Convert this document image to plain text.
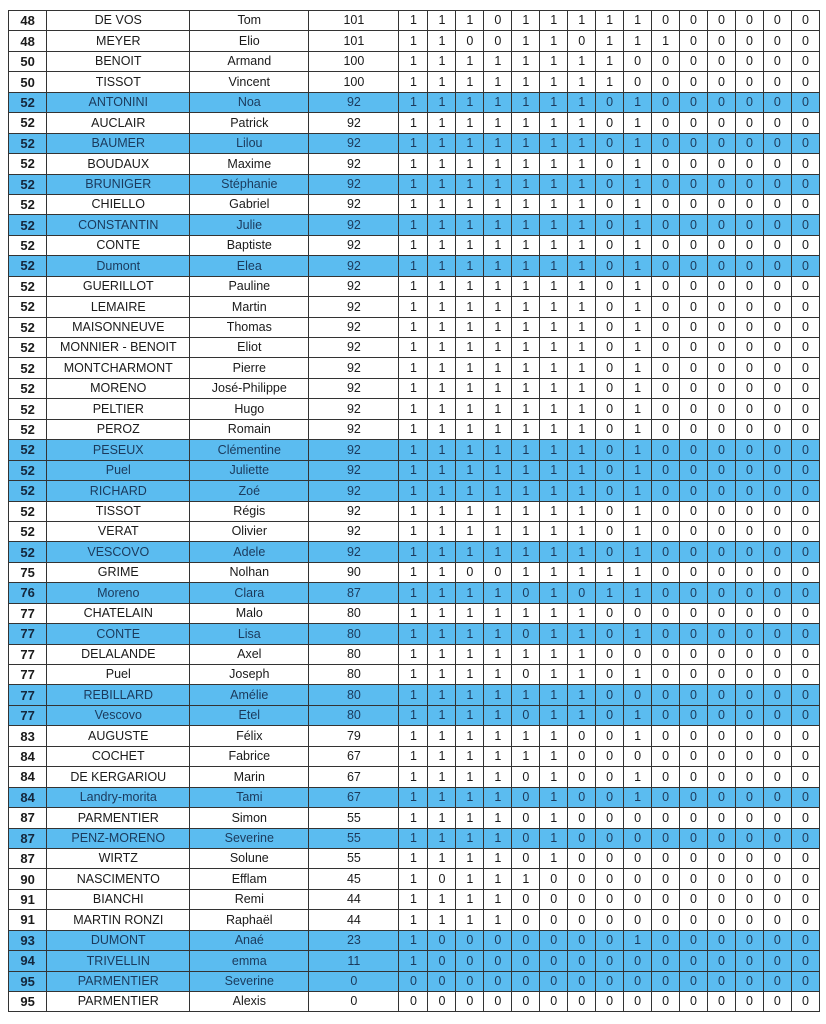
48	DE VOS	Tom	101	1	1	1	0	1	1	1	1	1	0	0	0	0	0	0
48	MEYER	Elio	101	1	1	0	0	1	1	0	1	1	1	0	0	0	0	0
50	BENOIT	Armand	100	1	1	1	1	1	1	1	1	0	0	0	0	0	0	0
50	TISSOT	Vincent	100	1	1	1	1	1	1	1	1	0	0	0	0	0	0	0
52	ANTONINI	Noa	92	1	1	1	1	1	1	1	0	1	0	0	0	0	0	0
52	AUCLAIR	Patrick	92	1	1	1	1	1	1	1	0	1	0	0	0	0	0	0
52	BAUMER	Lilou	92	1	1	1	1	1	1	1	0	1	0	0	0	0	0	0
52	BOUDAUX	Maxime	92	1	1	1	1	1	1	1	0	1	0	0	0	0	0	0
52	BRUNIGER	Stéphanie	92	1	1	1	1	1	1	1	0	1	0	0	0	0	0	0
52	CHIELLO	Gabriel	92	1	1	1	1	1	1	1	0	1	0	0	0	0	0	0
52	CONSTANTIN	Julie	92	1	1	1	1	1	1	1	0	1	0	0	0	0	0	0
52	CONTE	Baptiste	92	1	1	1	1	1	1	1	0	1	0	0	0	0	0	0
52	Dumont	Elea	92	1	1	1	1	1	1	1	0	1	0	0	0	0	0	0
52	GUERILLOT	Pauline	92	1	1	1	1	1	1	1	0	1	0	0	0	0	0	0
52	LEMAIRE	Martin	92	1	1	1	1	1	1	1	0	1	0	0	0	0	0	0
52	MAISONNEUVE	Thomas	92	1	1	1	1	1	1	1	0	1	0	0	0	0	0	0
52	MONNIER - BENOIT	Eliot	92	1	1	1	1	1	1	1	0	1	0	0	0	0	0	0
52	MONTCHARMONT	Pierre	92	1	1	1	1	1	1	1	0	1	0	0	0	0	0	0
52	MORENO	José-Philippe	92	1	1	1	1	1	1	1	0	1	0	0	0	0	0	0
52	PELTIER	Hugo	92	1	1	1	1	1	1	1	0	1	0	0	0	0	0	0
52	PEROZ	Romain	92	1	1	1	1	1	1	1	0	1	0	0	0	0	0	0
52	PESEUX	Clémentine	92	1	1	1	1	1	1	1	0	1	0	0	0	0	0	0
52	Puel	Juliette	92	1	1	1	1	1	1	1	0	1	0	0	0	0	0	0
52	RICHARD	Zoé	92	1	1	1	1	1	1	1	0	1	0	0	0	0	0	0
52	TISSOT	Régis	92	1	1	1	1	1	1	1	0	1	0	0	0	0	0	0
52	VERAT	Olivier	92	1	1	1	1	1	1	1	0	1	0	0	0	0	0	0
52	VESCOVO	Adele	92	1	1	1	1	1	1	1	0	1	0	0	0	0	0	0
75	GRIME	Nolhan	90	1	1	0	0	1	1	1	1	1	0	0	0	0	0	0
76	Moreno	Clara	87	1	1	1	1	0	1	0	1	1	0	0	0	0	0	0
77	CHATELAIN	Malo	80	1	1	1	1	1	1	1	0	0	0	0	0	0	0	0
77	CONTE	Lisa	80	1	1	1	1	0	1	1	0	1	0	0	0	0	0	0
77	DELALANDE	Axel	80	1	1	1	1	1	1	1	0	0	0	0	0	0	0	0
77	Puel	Joseph	80	1	1	1	1	0	1	1	0	1	0	0	0	0	0	0
77	REBILLARD	Amélie	80	1	1	1	1	1	1	1	0	0	0	0	0	0	0	0
77	Vescovo	Etel	80	1	1	1	1	0	1	1	0	1	0	0	0	0	0	0
83	AUGUSTE	Félix	79	1	1	1	1	1	1	0	0	1	0	0	0	0	0	0
84	COCHET	Fabrice	67	1	1	1	1	1	1	0	0	0	0	0	0	0	0	0
84	DE KERGARIOU	Marin	67	1	1	1	1	0	1	0	0	1	0	0	0	0	0	0
84	Landry-morita	Tami	67	1	1	1	1	0	1	0	0	1	0	0	0	0	0	0
87	PARMENTIER	Simon	55	1	1	1	1	0	1	0	0	0	0	0	0	0	0	0
87	PENZ-MORENO	Severine	55	1	1	1	1	0	1	0	0	0	0	0	0	0	0	0
87	WIRTZ	Solune	55	1	1	1	1	0	1	0	0	0	0	0	0	0	0	0
90	NASCIMENTO	Efflam	45	1	0	1	1	1	0	0	0	0	0	0	0	0	0	0
91	BIANCHI	Remi	44	1	1	1	1	0	0	0	0	0	0	0	0	0	0	0
91	MARTIN RONZI	Raphaël	44	1	1	1	1	0	0	0	0	0	0	0	0	0	0	0
93	DUMONT	Anaé	23	1	0	0	0	0	0	0	0	1	0	0	0	0	0	0
94	TRIVELLIN	emma	11	1	0	0	0	0	0	0	0	0	0	0	0	0	0	0
95	PARMENTIER	Severine	0	0	0	0	0	0	0	0	0	0	0	0	0	0	0	0
95	PARMENTIER	Alexis	0	0	0	0	0	0	0	0	0	0	0	0	0	0	0	0
